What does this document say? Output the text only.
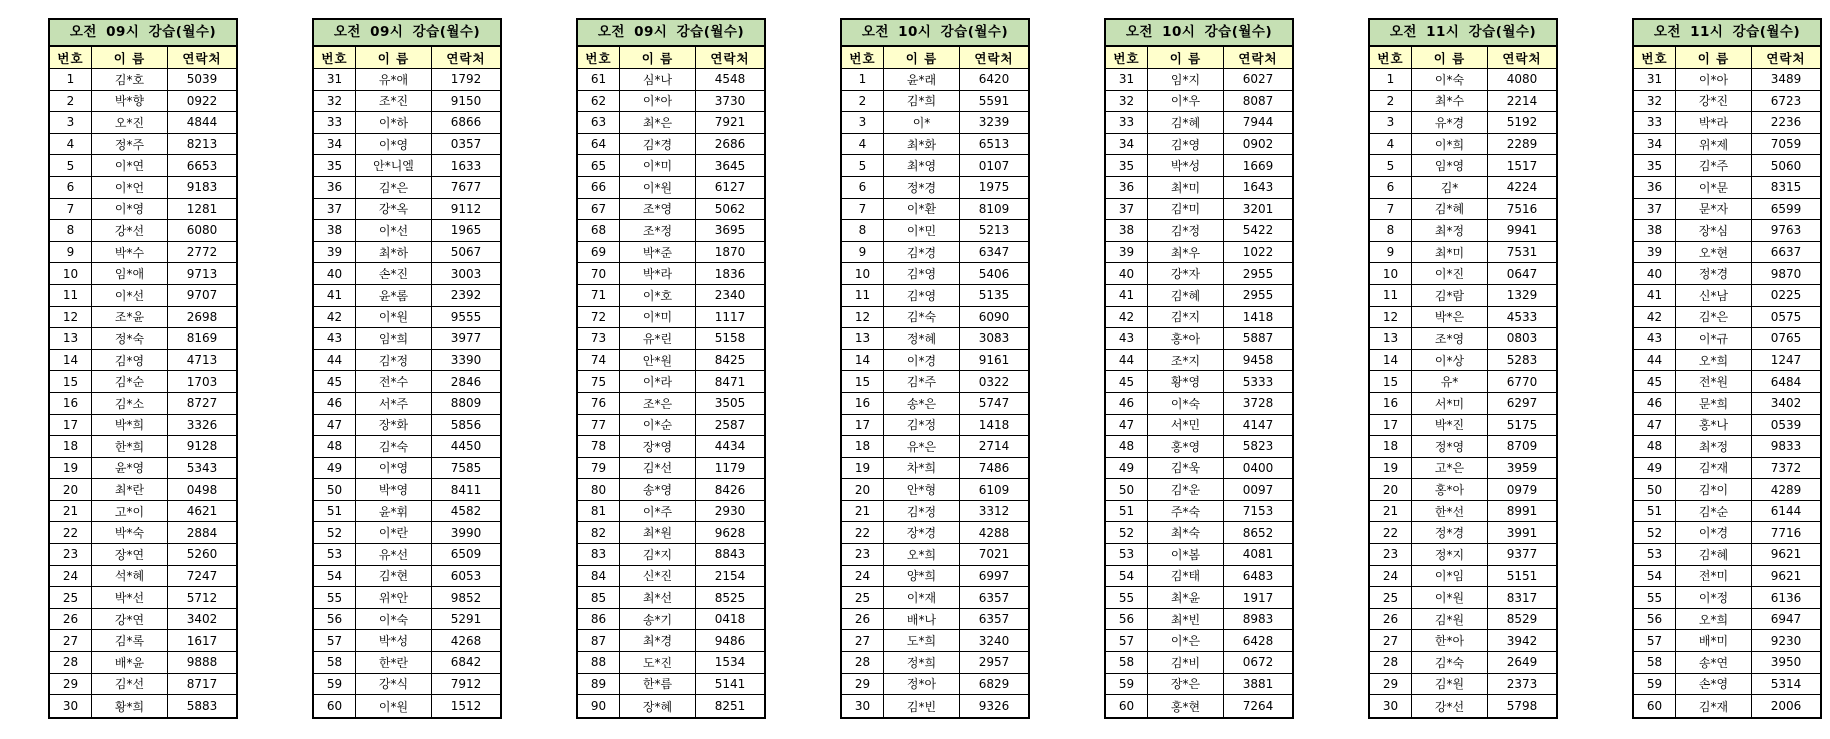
오전 09시 강습(월수)
번호	이 름	연락처
1	김*호	5039
2	박*향	0922
3	오*진	4844
4	정*주	8213
5	이*연	6653
6	이*언	9183
7	이*영	1281
8	강*선	6080
9	박*수	2772
10	임*애	9713
11	이*선	9707
12	조*윤	2698
13	정*숙	8169
14	김*영	4713
15	김*순	1703
16	김*소	8727
17	박*희	3326
18	한*희	9128
19	윤*영	5343
20	최*란	0498
21	고*이	4621
22	박*숙	2884
23	장*연	5260
24	석*혜	7247
25	박*선	5712
26	강*연	3402
27	김*록	1617
28	배*윤	9888
29	김*선	8717
30	황*희	5883
오전 09시 강습(월수)
번호	이 름	연락처
31	유*애	1792
32	조*진	9150
33	이*하	6866
34	이*영	0357
35	안*니엘	1633
36	김*은	7677
37	강*옥	9112
38	이*선	1965
39	최*하	5067
40	손*진	3003
41	윤*롬	2392
42	이*원	9555
43	임*희	3977
44	김*정	3390
45	전*수	2846
46	서*주	8809
47	장*화	5856
48	김*숙	4450
49	이*영	7585
50	박*영	8411
51	윤*휘	4582
52	이*란	3990
53	유*선	6509
54	김*현	6053
55	위*안	9852
56	이*숙	5291
57	박*성	4268
58	한*란	6842
59	강*식	7912
60	이*원	1512
오전 09시 강습(월수)
번호	이 름	연락처
61	심*나	4548
62	이*아	3730
63	최*은	7921
64	김*경	2686
65	이*미	3645
66	이*원	6127
67	조*영	5062
68	조*정	3695
69	박*준	1870
70	박*라	1836
71	이*호	2340
72	이*미	1117
73	유*린	5158
74	안*원	8425
75	이*라	8471
76	조*은	3505
77	이*순	2587
78	장*영	4434
79	김*선	1179
80	송*영	8426
81	이*주	2930
82	최*원	9628
83	김*지	8843
84	신*진	2154
85	최*선	8525
86	송*기	0418
87	최*경	9486
88	도*진	1534
89	한*름	5141
90	장*혜	8251
오전 10시 강습(월수)
번호	이 름	연락처
1	윤*래	6420
2	김*희	5591
3	이*	3239
4	최*화	6513
5	최*영	0107
6	정*경	1975
7	이*환	8109
8	이*민	5213
9	김*경	6347
10	김*영	5406
11	김*영	5135
12	김*숙	6090
13	정*혜	3083
14	이*경	9161
15	김*주	0322
16	송*은	5747
17	김*정	1418
18	유*은	2714
19	차*희	7486
20	안*형	6109
21	김*정	3312
22	장*경	4288
23	오*희	7021
24	양*희	6997
25	이*재	6357
26	배*나	6357
27	도*희	3240
28	정*희	2957
29	정*아	6829
30	김*빈	9326
오전 10시 강습(월수)
번호	이 름	연락처
31	임*지	6027
32	이*우	8087
33	김*혜	7944
34	김*영	0902
35	박*성	1669
36	최*미	1643
37	김*미	3201
38	김*정	5422
39	최*우	1022
40	강*자	2955
41	김*혜	2955
42	김*지	1418
43	홍*아	5887
44	조*지	9458
45	황*영	5333
46	이*숙	3728
47	서*민	4147
48	홍*영	5823
49	김*욱	0400
50	김*운	0097
51	주*숙	7153
52	최*숙	8652
53	이*봄	4081
54	김*태	6483
55	최*윤	1917
56	최*빈	8983
57	이*은	6428
58	김*비	0672
59	장*은	3881
60	홍*현	7264
오전 11시 강습(월수)
번호	이 름	연락처
1	이*숙	4080
2	최*수	2214
3	유*경	5192
4	이*희	2289
5	임*영	1517
6	김*	4224
7	김*혜	7516
8	최*정	9941
9	최*미	7531
10	이*진	0647
11	김*람	1329
12	박*은	4533
13	조*영	0803
14	이*상	5283
15	유*	6770
16	서*미	6297
17	박*진	5175
18	정*영	8709
19	고*은	3959
20	홍*아	0979
21	한*선	8991
22	정*경	3991
23	정*지	9377
24	이*임	5151
25	이*원	8317
26	김*원	8529
27	한*아	3942
28	김*숙	2649
29	김*원	2373
30	강*선	5798
오전 11시 강습(월수)
번호	이 름	연락처
31	이*아	3489
32	강*진	6723
33	박*라	2236
34	위*제	7059
35	김*주	5060
36	이*문	8315
37	문*자	6599
38	장*심	9763
39	오*현	6637
40	정*경	9870
41	신*남	0225
42	김*은	0575
43	이*규	0765
44	오*희	1247
45	전*원	6484
46	문*희	3402
47	홍*나	0539
48	최*정	9833
49	김*재	7372
50	김*이	4289
51	김*순	6144
52	이*경	7716
53	김*혜	9621
54	전*미	9621
55	이*정	6136
56	오*희	6947
57	배*미	9230
58	송*연	3950
59	손*영	5314
60	김*재	2006
